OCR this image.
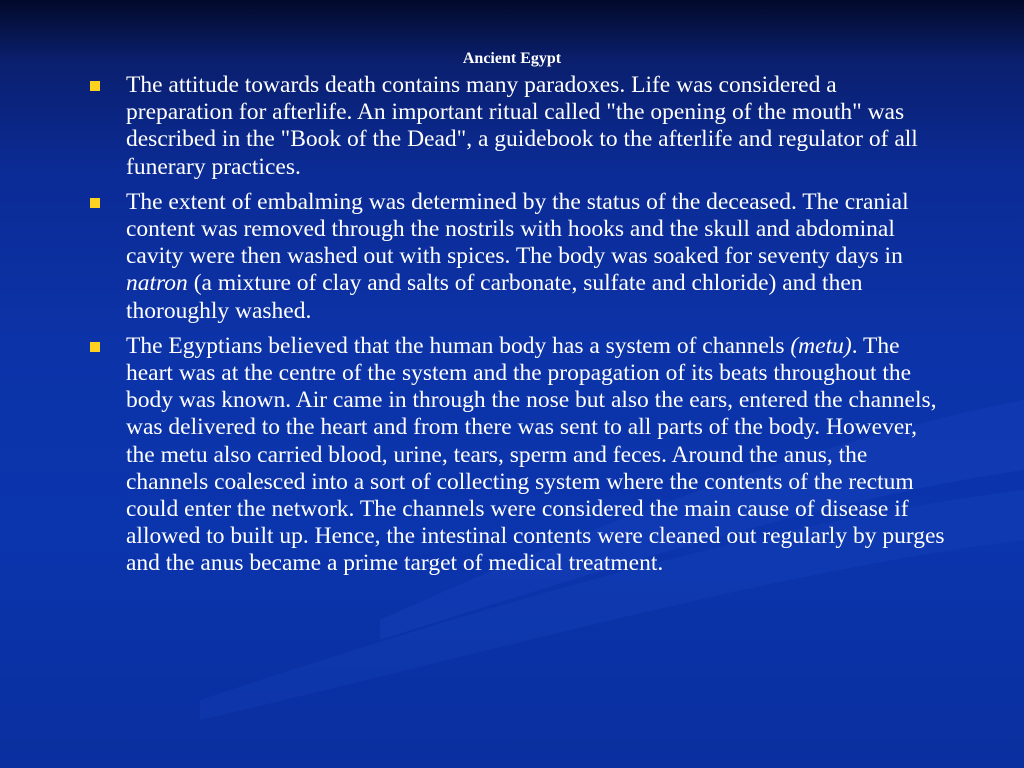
Ancient Egypt
The attitude towards death contains many paradoxes. Life was considered a preparation for afterlife. An important ritual called "the opening of the mouth" was described in the "Book of the Dead", a guidebook to the afterlife and regulator of all funerary practices.
The extent of embalming was determined by the status of the deceased. The cranial content was removed through the nostrils with hooks and the skull and abdominal cavity were then washed out with spices. The body was soaked for seventy days in natron (a mixture of clay and salts of carbonate, sulfate and chloride) and then thoroughly washed.
The Egyptians believed that the human body has a system of channels (metu). The heart was at the centre of the system and the propagation of its beats throughout the body was known. Air came in through the nose but also the ears, entered the channels, was delivered to the heart and from there was sent to all parts of the body. However, the metu also carried blood, urine, tears, sperm and feces. Around the anus, the channels coalesced into a sort of collecting system where the contents of the rectum could enter the network. The channels were considered the main cause of disease if allowed to built up. Hence, the intestinal contents were cleaned out regularly by purges and the anus became a prime target of medical treatment.
